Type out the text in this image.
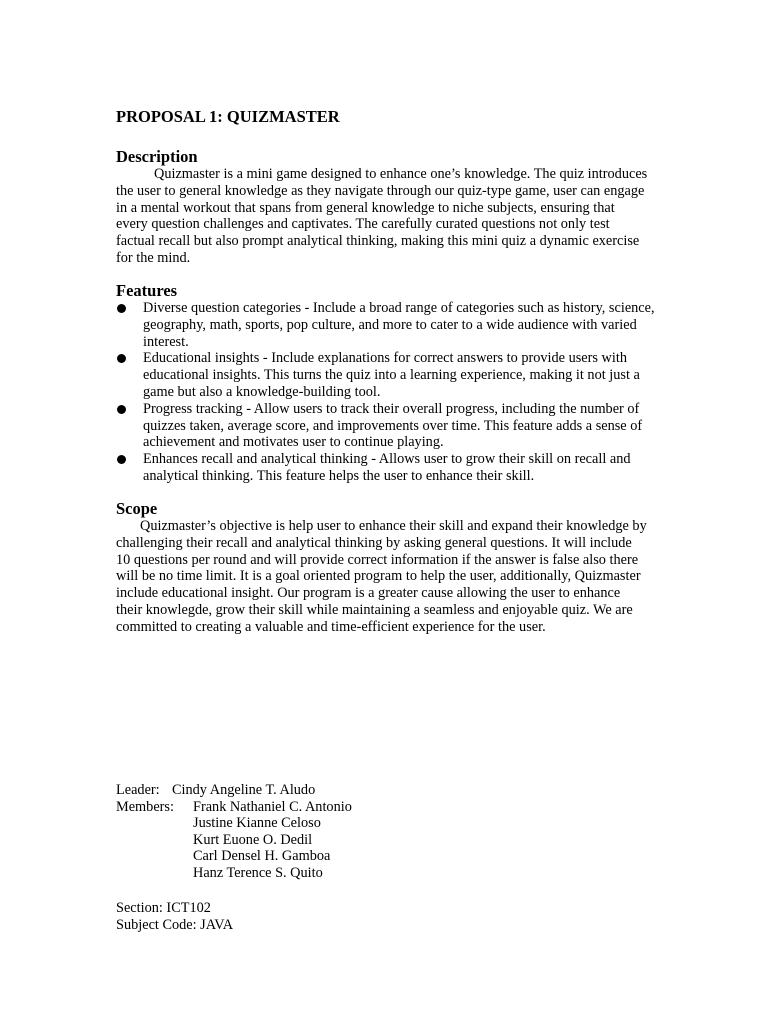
PROPOSAL 1: QUIZMASTER
Description

Quizmaster is a mini game designed to enhance one’s knowledge. The quiz introduces the user to general knowledge as they navigate through our quiz-type game, user can engage in a mental workout that spans from general knowledge to niche subjects, ensuring that every question challenges and captivates. The carefully curated questions not only test factual recall but also prompt analytical thinking, making this mini quiz a dynamic exercise for the mind.

Features
Diverse question categories - Include a broad range of categories such as history, science, geography, math, sports, pop culture, and more to cater to a wide audience with varied interest.
Educational insights - Include explanations for correct answers to provide users with educational insights. This turns the quiz into a learning experience, making it not just a game but also a knowledge-building tool.
Progress tracking - Allow users to track their overall progress, including the number of quizzes taken, average score, and improvements over time. This feature adds a sense of achievement and motivates user to continue playing.
Enhances recall and analytical thinking - Allows user to grow their skill on recall and analytical thinking. This feature helps the user to enhance their skill.
Scope

Quizmaster’s objective is help user to enhance their skill and expand their knowledge by challenging their recall and analytical thinking by asking general questions. It will include 10 questions per round and will provide correct information if the answer is false also there will be no time limit. It is a goal oriented program to help the user, additionally, Quizmaster include educational insight. Our program is a greater cause allowing the user to enhance their knowlegde, grow their skill while maintaining a seamless and enjoyable quiz. We are committed to creating a valuable and time-efficient experience for the user.

Leader: Cindy Angeline T. Aludo
Members:	Frank Nathaniel C. Antonio
Justine Kianne Celoso
Kurt Euone O. Dedil
Carl Densel H. Gamboa
Hanz Terence S. Quito
Section: ICT102
Subject Code: JAVA
